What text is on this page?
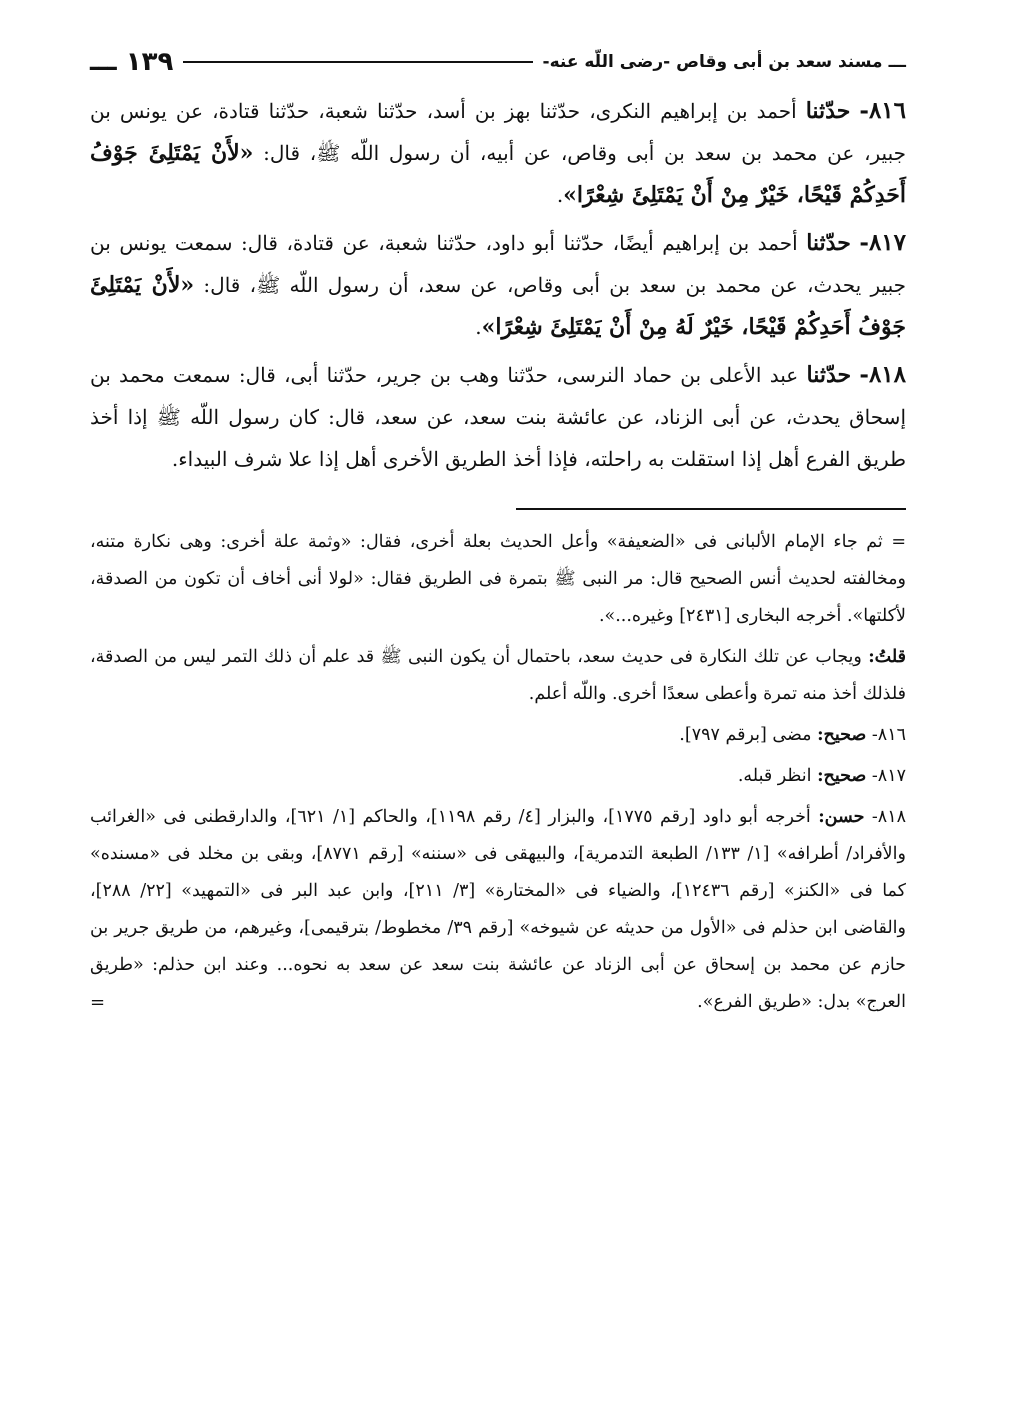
ـــ
مسند سعد بن أبى وقاص -رضى اللّه عنه-
١٣٩ ـــ

٨١٦- حدّثنا أحمد بن إبراهيم النكرى، حدّثنا بهز بن أسد، حدّثنا شعبة، حدّثنا قتادة، عن يونس بن جبير، عن محمد بن سعد بن أبى وقاص، عن أبيه، أن رسول اللّه ﷺ، قال: «لأَنْ يَمْتَلِئَ جَوْفُ أَحَدِكُمْ قَيْحًا، خَيْرٌ مِنْ أَنْ يَمْتَلِئَ شِعْرًا».

٨١٧- حدّثنا أحمد بن إبراهيم أيضًا، حدّثنا أبو داود، حدّثنا شعبة، عن قتادة، قال: سمعت يونس بن جبير يحدث، عن محمد بن سعد بن أبى وقاص، عن سعد، أن رسول اللّه ﷺ، قال: «لأَنْ يَمْتَلِئَ جَوْفُ أَحَدِكُمْ قَيْحًا، خَيْرٌ لَهُ مِنْ أَنْ يَمْتَلِئَ شِعْرًا».

٨١٨- حدّثنا عبد الأعلى بن حماد النرسى، حدّثنا وهب بن جرير، حدّثنا أبى، قال: سمعت محمد بن إسحاق يحدث، عن أبى الزناد، عن عائشة بنت سعد، عن سعد، قال: كان رسول اللّه ﷺ إذا أخذ طريق الفرع أهل إذا استقلت به راحلته، فإذا أخذ الطريق الأخرى أهل إذا علا شرف البيداء.

= ثم جاء الإمام الألبانى فى «الضعيفة» وأعل الحديث بعلة أخرى، فقال: «وثمة علة أخرى: وهى نكارة متنه، ومخالفته لحديث أنس الصحيح قال: مر النبى ﷺ بتمرة فى الطريق فقال: «لولا أنى أخاف أن تكون من الصدقة، لأكلتها». أخرجه البخارى [٢٤٣١] وغيره...».

قلتُ: ويجاب عن تلك النكارة فى حديث سعد، باحتمال أن يكون النبى ﷺ قد علم أن ذلك التمر ليس من الصدقة، فلذلك أخذ منه تمرة وأعطى سعدًا أخرى. واللّه أعلم.

٨١٦- صحيح: مضى [برقم ٧٩٧].

٨١٧- صحيح: انظر قبله.

٨١٨- حسن: أخرجه أبو داود [رقم ١٧٧٥]، والبزار [٤/ رقم ١١٩٨]، والحاكم [١/ ٦٢١]، والدارقطنى فى «الغرائب والأفراد/ أطرافه» [١/ ١٣٣/ الطبعة التدمرية]، والبيهقى فى «سننه» [رقم ٨٧٧١]، وبقى بن مخلد فى «مسنده» كما فى «الكنز» [رقم ١٢٤٣٦]، والضياء فى «المختارة» [٣/ ٢١١]، وابن عبد البر فى «التمهيد» [٢٢/ ٢٨٨]، والقاضى ابن حذلم فى «الأول من حديثه عن شيوخه» [رقم ٣٩/ مخطوط/ بترقيمى]، وغيرهم، من طريق جرير بن حازم عن محمد بن إسحاق عن أبى الزناد عن عائشة بنت سعد عن سعد به نحوه... وعند ابن حذلم: «طريق العرج» بدل: «طريق الفرع».
=
